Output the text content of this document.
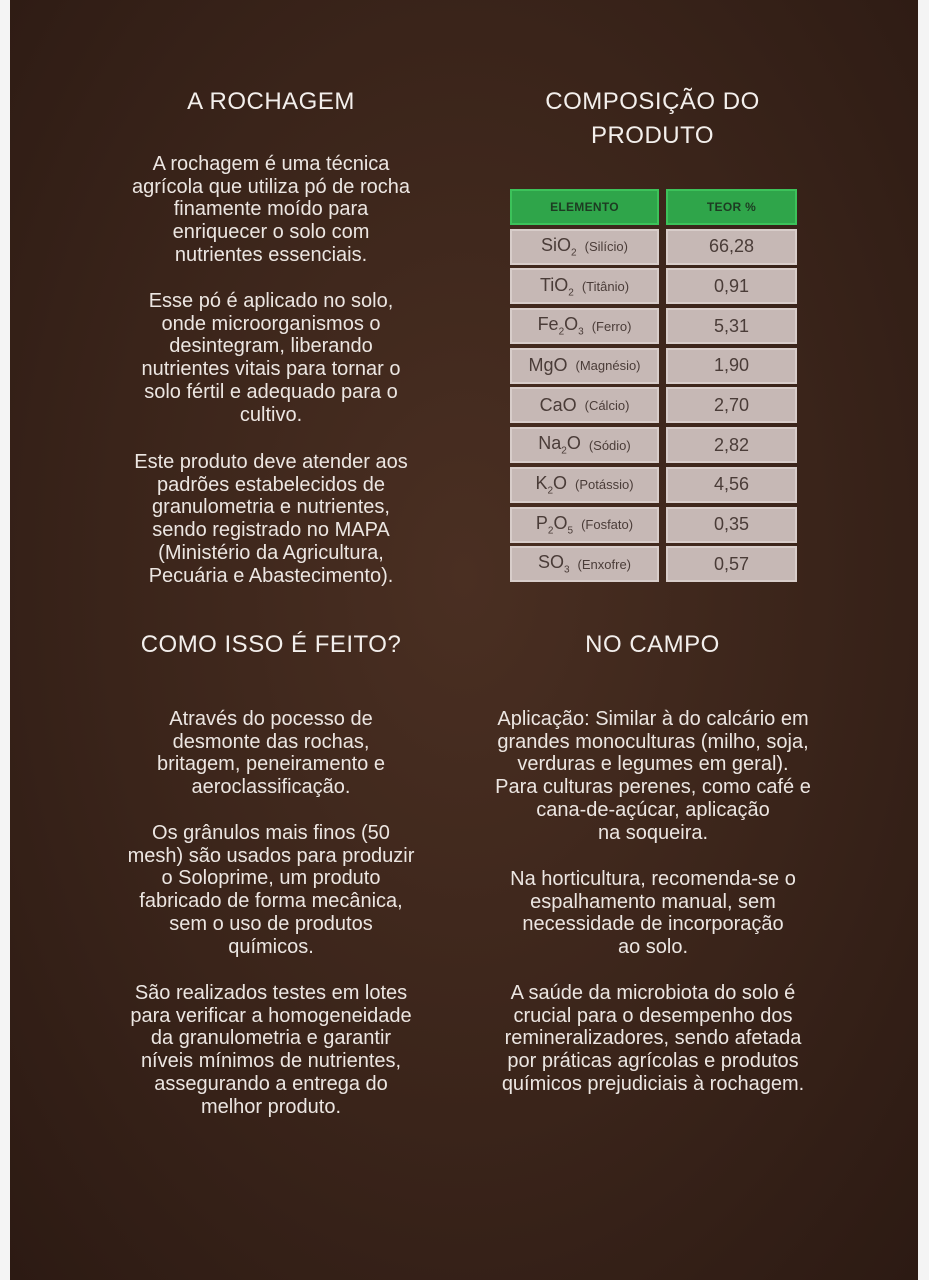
A ROCHAGEM
A rochagem é uma técnica
agrícola que utiliza pó de rocha
finamente moído para
enriquecer o solo com
nutrientes essenciais.
Esse pó é aplicado no solo,
onde microorganismos o
desintegram, liberando
nutrientes vitais para tornar o
solo fértil e adequado para o
cultivo.
Este produto deve atender aos
padrões estabelecidos de
granulometria e nutrientes,
sendo registrado no MAPA
(Ministério da Agricultura,
Pecuária e Abastecimento).
COMPOSIÇÃO DO
PRODUTO
ELEMENTO	TEOR %
SiO$_2$ (Silício)	66,28
TiO$_2$ (Titânio)	0,91
$Fe_2O_3$ (Ferro)	5,31
MgO (Magnésio)	1,90
CaO (Cálcio)	2,70
$Na_2O$ (Sódio)	2,82
$K_2O$ (Potássio)	4,56
$P_2O_5$ (Fosfato)	0,35
$SO_3$ (Enxofre)	0,57
COMO ISSO É FEITO?
Através do pocesso de
desmonte das rochas,
britagem, peneiramento e
aeroclassificação.
Os grânulos mais finos (50
mesh) são usados para produzir
o Soloprime, um produto
fabricado de forma mecânica,
sem o uso de produtos
químicos.
São realizados testes em lotes
para verificar a homogeneidade
da granulometria e garantir
níveis mínimos de nutrientes,
assegurando a entrega do
melhor produto.
NO CAMPO
Aplicação: Similar à do calcário em
grandes monoculturas (milho, soja,
verduras e legumes em geral).
Para culturas perenes, como café e
cana-de-açúcar, aplicação
na soqueira.
Na horticultura, recomenda-se o
espalhamento manual, sem
necessidade de incorporação
ao solo.
A saúde da microbiota do solo é
crucial para o desempenho dos
remineralizadores, sendo afetada
por práticas agrícolas e produtos
químicos prejudiciais à rochagem.
